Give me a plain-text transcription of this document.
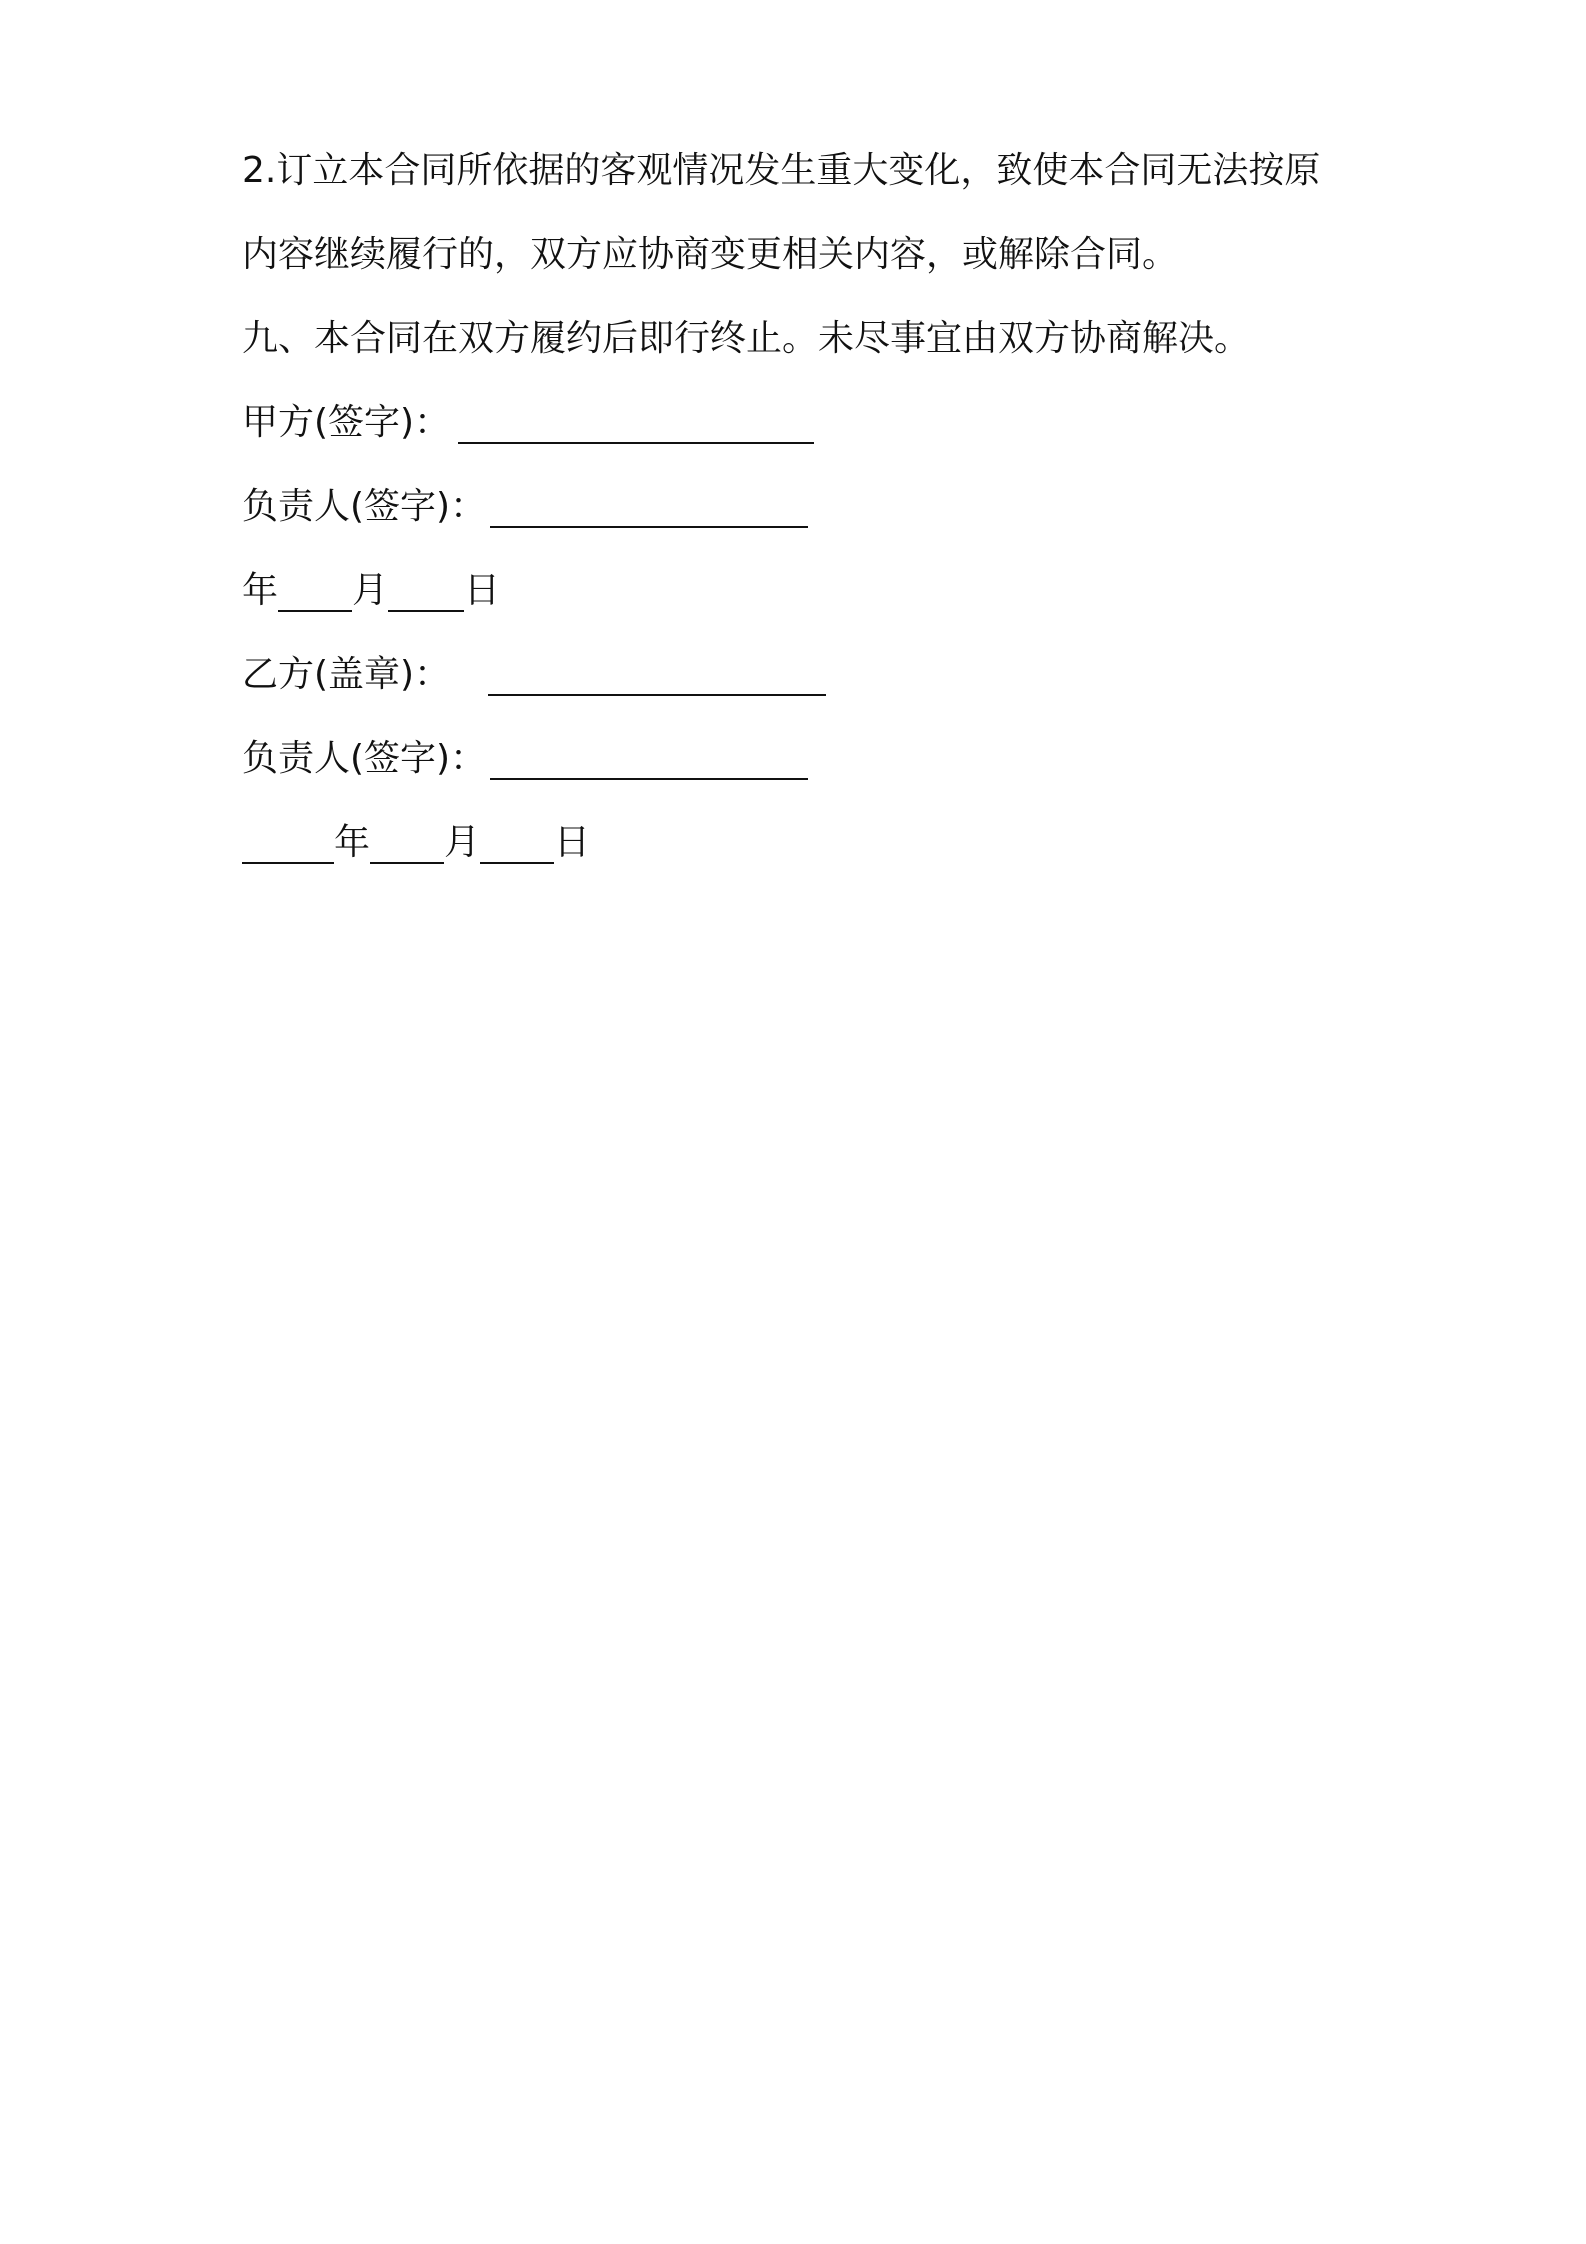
2.订立本合同所依据的客观情况发生重大变化，致使本合同无法按原
内容继续履行的，双方应协商变更相关内容，或解除合同。
九、本合同在双方履约后即行终止。未尽事宜由双方协商解决。
甲方(签字)：
负责人(签字)：
年 月 日
乙方(盖章)：
负责人(签字)：
年 月 日
